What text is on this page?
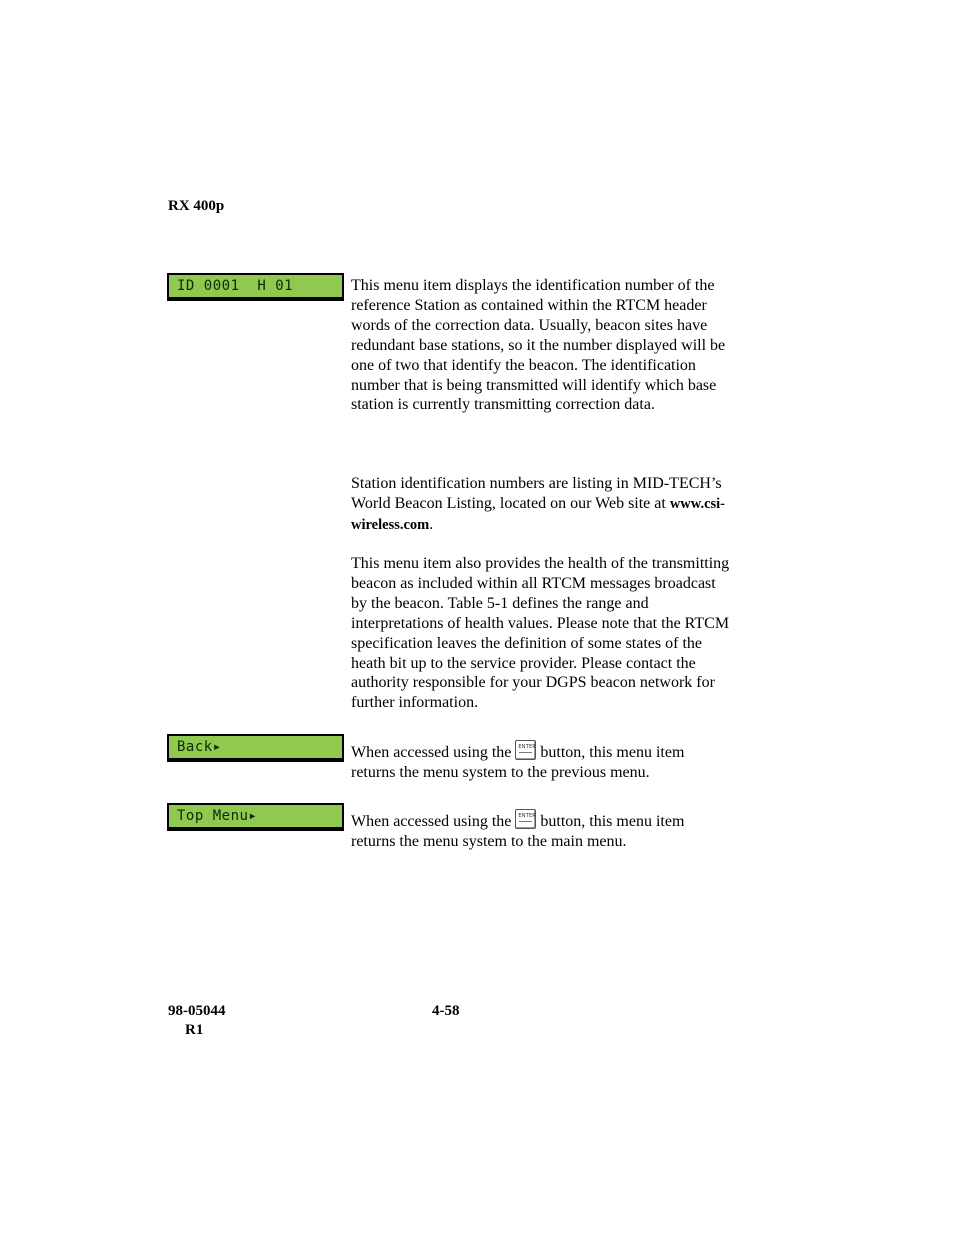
RX 400p
ID 0001  H 01	This menu item displays the identification number of the reference Station as contained within the RTCM header words of the correction data. Usually, beacon sites have redundant base stations, so it the number displayed will be one of two that identify the beacon. The identification number that is being transmitted will identify which base station is currently transmitting correction data.
Station identification numbers are listing in MID-TECH’s World Beacon Listing, located on our Web site at www.csi-wireless.com.
This menu item also provides the health of the transmitting beacon as included within all RTCM messages broadcast by the beacon. Table 5-1 defines the range and interpretations of health values. Please note that the RTCM specification leaves the definition of some states of the heath bit up to the service provider. Please contact the authority responsible for your DGPS beacon network for further information.
Back▸	When accessed using the ENTER button, this menu item returns the menu system to the previous menu.
Top Menu▸	When accessed using the ENTER button, this menu item returns the menu system to the main menu.
98-05044
R1
4-58
